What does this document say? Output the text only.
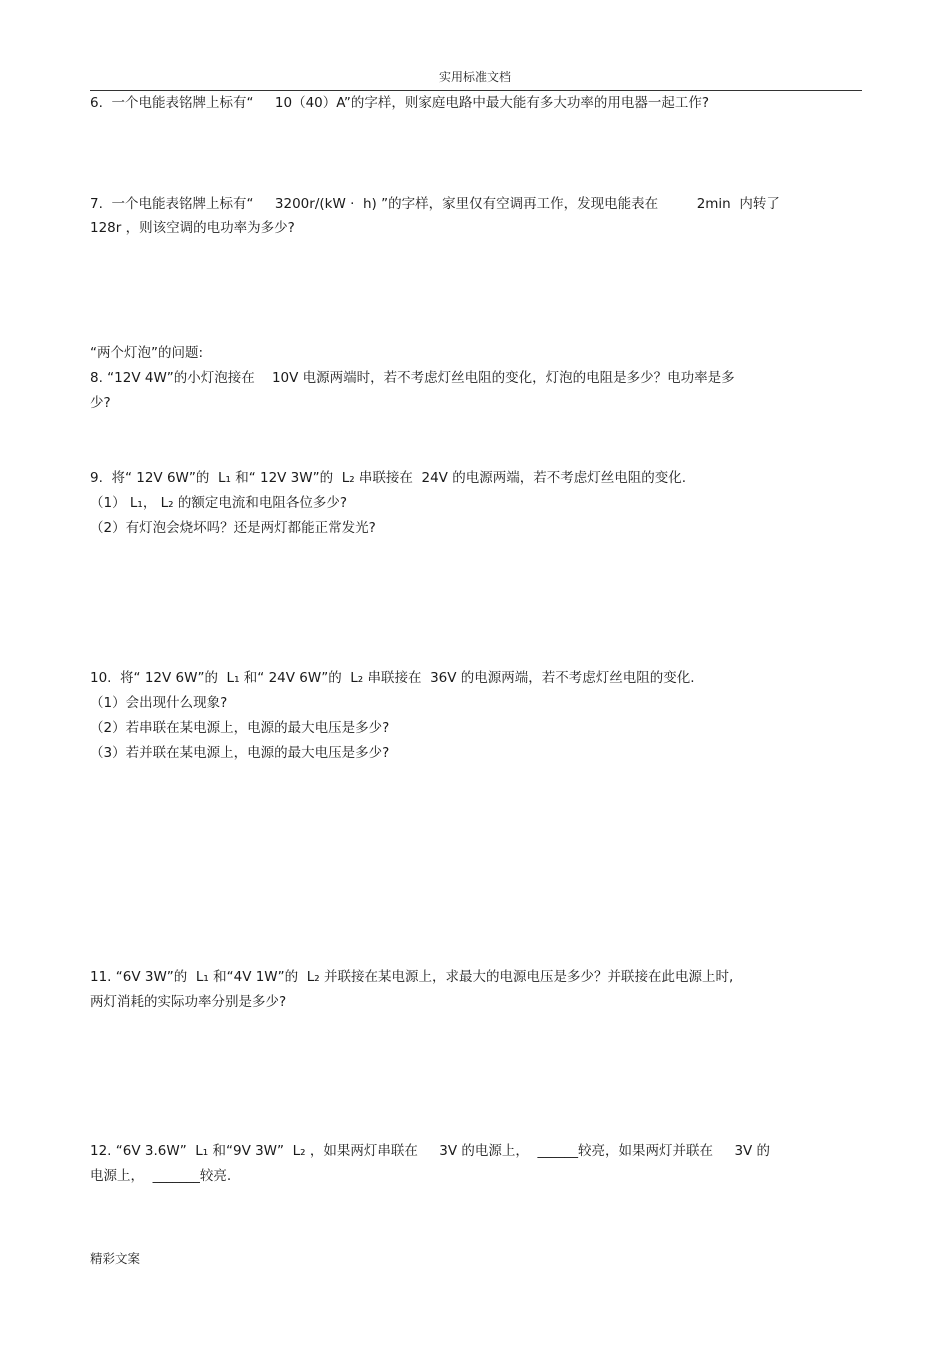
实用标准文档
6.  一个电能表铭牌上标有“     10（40）A”的字样，则家庭电路中最大能有多大功率的用电器一起工作?
7.  一个电能表铭牌上标有“     3200r/(kW ·  h) ”的字样，家里仅有空调再工作，发现电能表在         2min  内转了
128r ，则该空调的电功率为多少?
“两个灯泡”的问题:
8. “12V 4W”的小灯泡接在    10V 电源两端时，若不考虑灯丝电阻的变化，灯泡的电阻是多少？电功率是多
少?
9.  将“ 12V 6W”的  L₁ 和“ 12V 3W”的  L₂ 串联接在  24V 的电源两端，若不考虑灯丝电阻的变化.
（1） L₁， L₂ 的额定电流和电阻各位多少?
（2）有灯泡会烧坏吗？还是两灯都能正常发光?
10.  将“ 12V 6W”的  L₁ 和“ 24V 6W”的  L₂ 串联接在  36V 的电源两端，若不考虑灯丝电阻的变化.
（1）会出现什么现象?
（2）若串联在某电源上，电源的最大电压是多少?
（3）若并联在某电源上，电源的最大电压是多少?
11. “6V 3W”的  L₁ 和“4V 1W”的  L₂ 并联接在某电源上，求最大的电源电压是多少？并联接在此电源上时,
两灯消耗的实际功率分别是多少?
12. “6V 3.6W”  L₁ 和“9V 3W”  L₂ ，如果两灯串联在     3V 的电源上，  ______较亮，如果两灯并联在     3V 的
电源上，  _______较亮.
精彩文案
